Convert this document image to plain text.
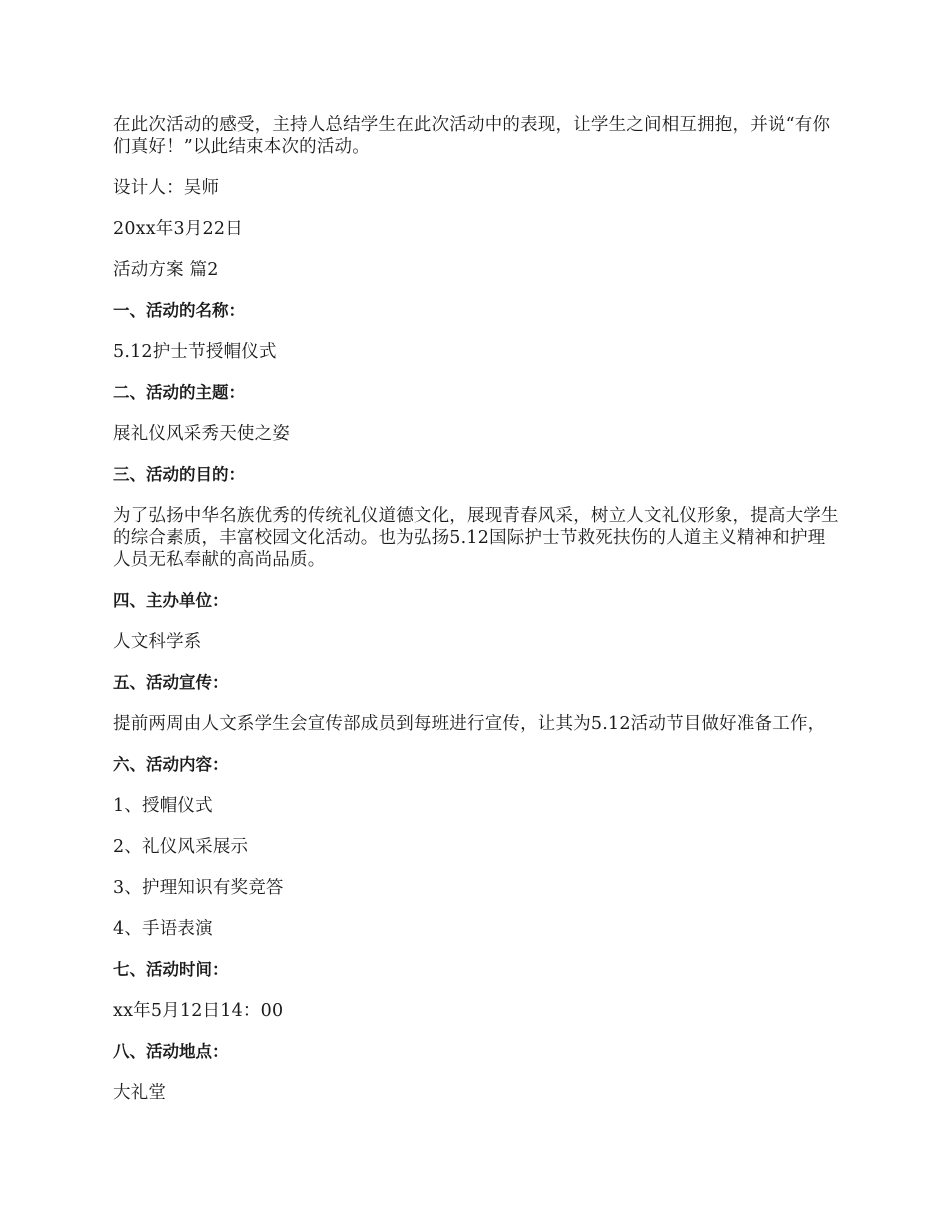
在此次活动的感受，主持人总结学生在此次活动中的表现，让学生之间相互拥抱，并说“有你们真好！”以此结束本次的活动。

设计人：吴师

20xx年3月22日

活动方案 篇2

一、活动的名称：

5.12护士节授帽仪式

二、活动的主题：

展礼仪风采秀天使之姿

三、活动的目的：

为了弘扬中华名族优秀的传统礼仪道德文化，展现青春风采，树立人文礼仪形象，提高大学生的综合素质，丰富校园文化活动。也为弘扬5.12国际护士节救死扶伤的人道主义精神和护理人员无私奉献的高尚品质。

四、主办单位：

人文科学系

五、活动宣传：

提前两周由人文系学生会宣传部成员到每班进行宣传，让其为5.12活动节目做好准备工作，

六、活动内容：

1、授帽仪式

2、礼仪风采展示

3、护理知识有奖竞答

4、手语表演

七、活动时间：

xx年5月12日14：00

八、活动地点：

大礼堂
